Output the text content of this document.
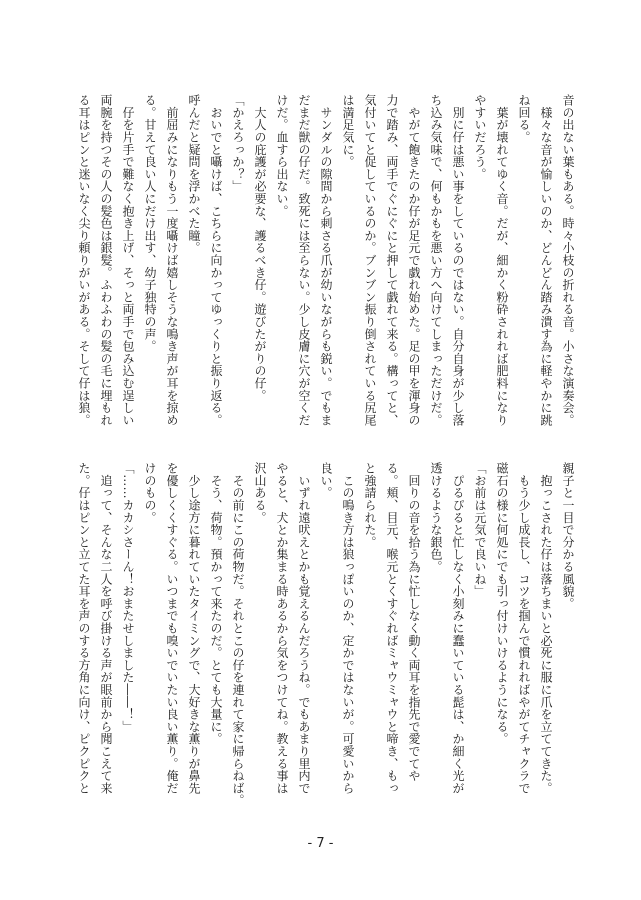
音の出ない葉もある。時々小枝の折れる音。小さな演奏会。
　様々な音が愉しいのか、どんどん踏み潰す為に軽やかに跳
ね回る。
　葉が壊れてゆく音。だが、細かく粉砕されれば肥料になり
やすいだろう。
　別に仔は悪い事をしているのではない。自分自身が少し落
ち込み気味で、何もかもを悪い方へ向けてしまっただけだ。
　やがて飽きたのか仔が足元で戯れ始めた。足の甲を渾身の
力で踏み、両手でぐにぐにと押して戯れて来る。構ってと、
気付いてと促しているのか。ブンブン振り倒されている尻尾
は満足気に。
　サンダルの隙間から刺さる爪が幼いながらも鋭い。でもま
だまだ獣の仔だ。致死には至らない。少し皮膚に穴が空くだ
けだ。血すら出ない。
　大人の庇護が必要な、護るべき仔。遊びたがりの仔。
「かえろっか？」
　おいでと囁けば、こちらに向かってゆっくりと振り返る。
呼んだと疑問を浮かべた瞳。
　前屈みになりもう一度囁けば嬉しそうな鳴き声が耳を掠め
る。甘えて良い人にだけ出す、幼子独特の声。
　仔を片手で難なく抱き上げ、そっと両手で包み込む逞しい
両腕を持つその人の髪色は銀髪。ふわふわの髪の毛に埋もれ
る耳はピンと迷いなく尖り頼りがいがある。そして仔は狼。
親子と一目で分かる風貌。
　抱っこされた仔は落ちまいと必死に服に爪を立ててきた。
　もう少し成長し、コツを掴んで慣れればやがてチャクラで
磁石の様に何処にでも引っ付けいけるようになる。
「お前は元気で良いね」
　ぴるぴると忙しなく小刻みに蠢いている髭は、か細く光が
透けるような銀色。
　回りの音を拾う為に忙しなく動く両耳を指先で愛でてや
る。頬、目元、喉元とくすぐればミャウミャウと啼き、もっ
と強請られた。
　この鳴き方は狼っぽいのか、定かではないが。可愛いから
良い。
　いずれ遠吠えとかも覚えるんだろうね。でもあまり里内で
やると、犬とか集まる時あるから気をつけてね。教える事は
沢山ある。
　その前にこの荷物だ。それとこの仔を連れて家に帰らねば。
　そう、荷物。預かって来たのだ。とても大量に。
　少し途方に暮れていたタイミングで、大好きな薫りが鼻先
を優しくくすぐる。いつまでも嗅いでいたい良い薫り。俺だ
けのもの。
「……カカシさーん！おまたせしました――！」
　追って、そんな二人を呼び掛ける声が眼前から聞こえて来
た。仔はピンと立てた耳を声のする方角に向け、ピクピクと
- 7 -
